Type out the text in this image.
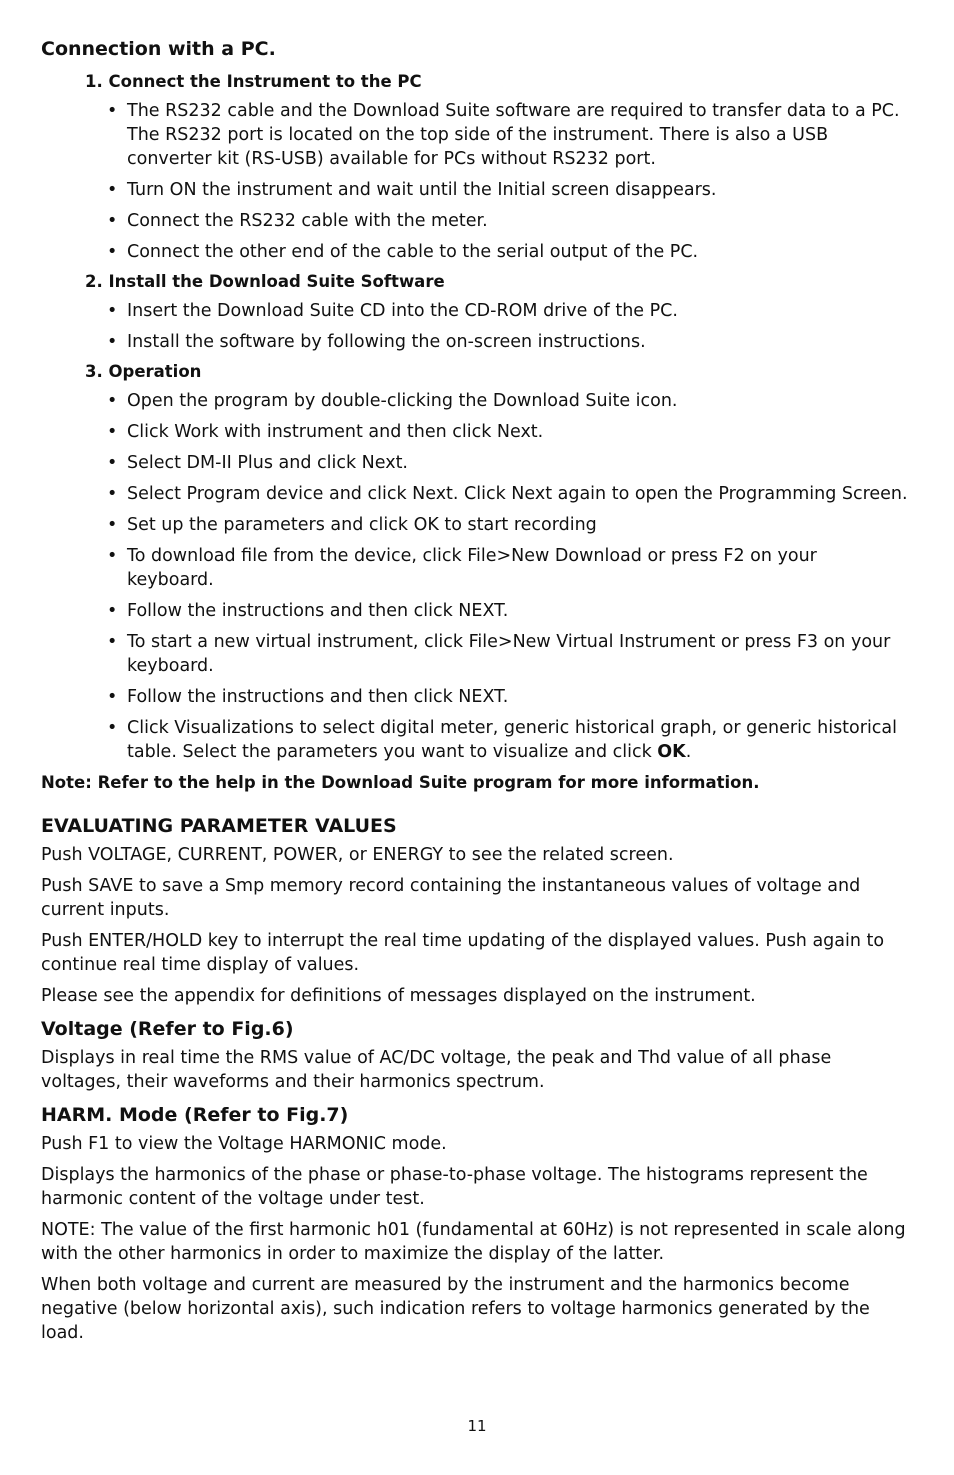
Connection with a PC.
1. Connect the Instrument to the PC
• The RS232 cable and the Download Suite software are required to transfer data to a PC. The RS232 port is located on the top side of the instrument. There is also a USB converter kit (RS-USB) available for PCs without RS232 port.
• Turn ON the instrument and wait until the Initial screen disappears.
• Connect the RS232 cable with the meter.
• Connect the other end of the cable to the serial output of the PC.
2. Install the Download Suite Software
• Insert the Download Suite CD into the CD-ROM drive of the PC.
• Install the software by following the on-screen instructions.
3. Operation
• Open the program by double-clicking the Download Suite icon.
• Click Work with instrument and then click Next.
• Select DM-II Plus and click Next.
• Select Program device and click Next. Click Next again to open the Programming Screen.
• Set up the parameters and click OK to start recording
• To download file from the device, click File>New Download or press F2 on your keyboard.
• Follow the instructions and then click NEXT.
• To start a new virtual instrument, click File>New Virtual Instrument or press F3 on your keyboard.
• Follow the instructions and then click NEXT.
• Click Visualizations to select digital meter, generic historical graph, or generic historical table. Select the parameters you want to visualize and click OK.
Note: Refer to the help in the Download Suite program for more information.
EVALUATING PARAMETER VALUES

Push VOLTAGE, CURRENT, POWER, or ENERGY to see the related screen.

Push SAVE to save a Smp memory record containing the instantaneous values of voltage and current inputs.

Push ENTER/HOLD key to interrupt the real time updating of the displayed values. Push again to continue real time display of values.

Please see the appendix for definitions of messages displayed on the instrument.

Voltage (Refer to Fig.6)

Displays in real time the RMS value of AC/DC voltage, the peak and Thd value of all phase voltages, their waveforms and their harmonics spectrum.

HARM. Mode (Refer to Fig.7)

Push F1 to view the Voltage HARMONIC mode.

Displays the harmonics of the phase or phase-to-phase voltage. The histograms represent the harmonic content of the voltage under test.

NOTE: The value of the first harmonic h01 (fundamental at 60Hz) is not represented in scale along with the other harmonics in order to maximize the display of the latter.

When both voltage and current are measured by the instrument and the harmonics become negative (below horizontal axis), such indication refers to voltage harmonics generated by the load.

11
